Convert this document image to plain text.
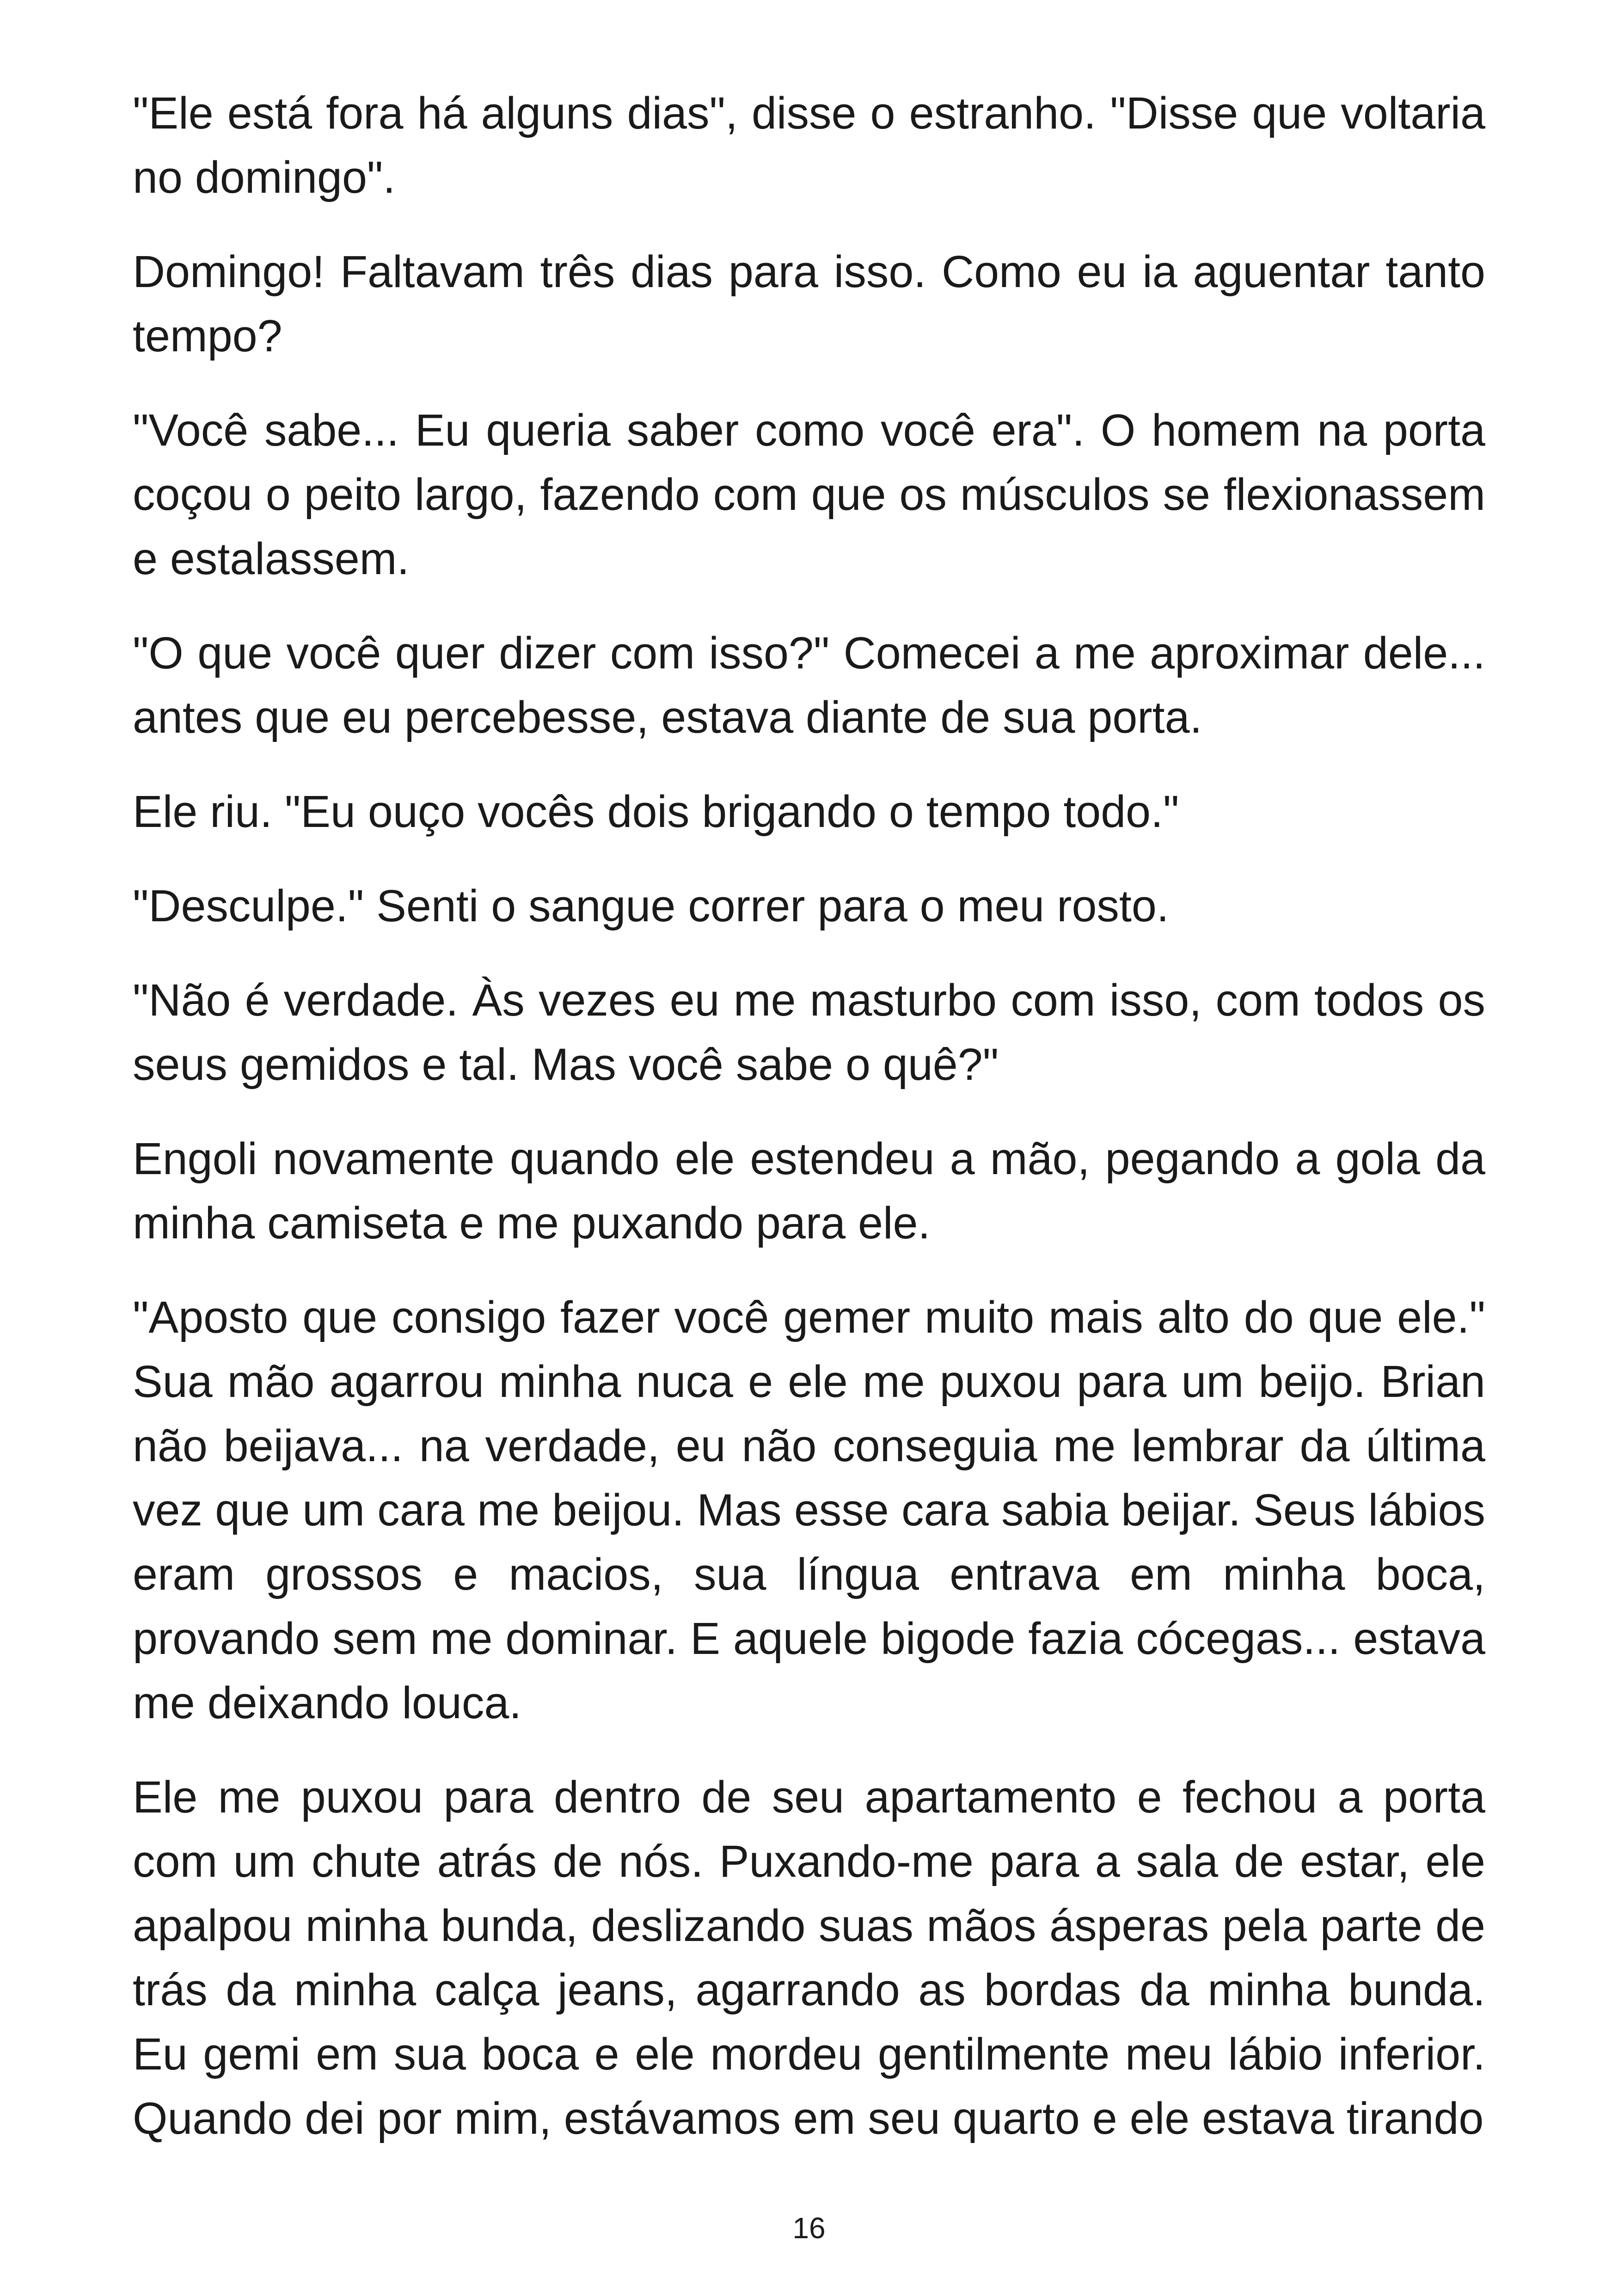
"Ele está fora há alguns dias", disse o estranho. "Disse que voltaria no domingo".

Domingo! Faltavam três dias para isso. Como eu ia aguentar tanto tempo?

"Você sabe... Eu queria saber como você era". O homem na porta coçou o peito largo, fazendo com que os músculos se flexionassem e estalassem.

"O que você quer dizer com isso?" Comecei a me aproximar dele... antes que eu percebesse, estava diante de sua porta.

Ele riu. "Eu ouço vocês dois brigando o tempo todo."

"Desculpe." Senti o sangue correr para o meu rosto.

"Não é verdade. Às vezes eu me masturbo com isso, com todos os seus gemidos e tal. Mas você sabe o quê?"

Engoli novamente quando ele estendeu a mão, pegando a gola da minha camiseta e me puxando para ele.

"Aposto que consigo fazer você gemer muito mais alto do que ele." Sua mão agarrou minha nuca e ele me puxou para um beijo. Brian não beijava... na verdade, eu não conseguia me lembrar da última vez que um cara me beijou. Mas esse cara sabia beijar. Seus lábios eram grossos e macios, sua língua entrava em minha boca, provando sem me dominar. E aquele bigode fazia cócegas... estava me deixando louca.

Ele me puxou para dentro de seu apartamento e fechou a porta com um chute atrás de nós. Puxando-me para a sala de estar, ele apalpou minha bunda, deslizando suas mãos ásperas pela parte de trás da minha calça jeans, agarrando as bordas da minha bunda. Eu gemi em sua boca e ele mordeu gentilmente meu lábio inferior. Quando dei por mim, estávamos em seu quarto e ele estava tirando

16
